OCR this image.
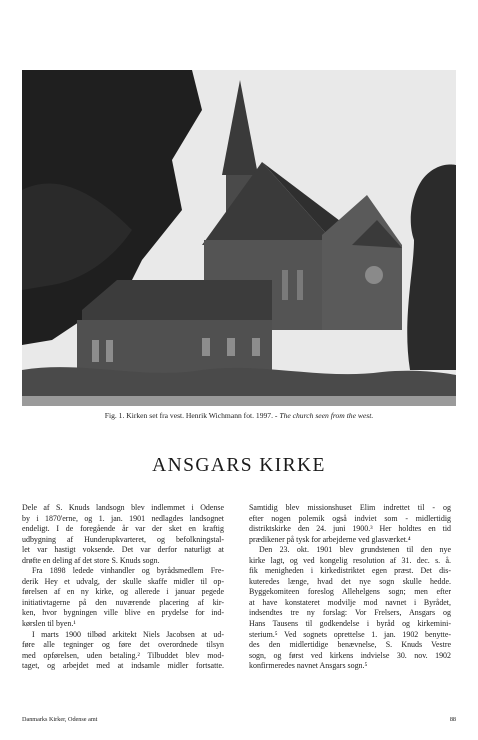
Fig. 1. Kirken set fra vest. Henrik Wichmann fot. 1997. - The church seen from the west.
ANSGARS KIRKE
Dele af S. Knuds landsogn blev indlemmet i Odense
by i 1870'erne, og 1. jan. 1901 nedlagdes landsognet
endeligt. I de foregående år var der sket en kraftig
udbygning af Hunderupkvarteret, og befolkningstal-
let var hastigt voksende. Det var derfor naturligt at
drøfte en deling af det store S. Knuds sogn.
Fra 1898 ledede vinhandler og byrådsmedlem Fre-
derik Hey et udvalg, der skulle skaffe midler til op-
førelsen af en ny kirke, og allerede i januar pegede
initiativtagerne på den nuværende placering af kir-
ken, hvor bygningen ville blive en prydelse for ind-
kørslen til byen.¹
I marts 1900 tilbød arkitekt Niels Jacobsen at ud-
føre alle tegninger og føre det overordnede tilsyn
med opførelsen, uden betaling.² Tilbuddet blev mod-
taget, og arbejdet med at indsamle midler fortsatte.
Samtidig blev missionshuset Elim indrettet til - og
efter nogen polemik også indviet som - midlertidig
distriktskirke den 24. juni 1900.³ Her holdtes en tid
prædikener på tysk for arbejderne ved glasværket.⁴
Den 23. okt. 1901 blev grundstenen til den nye
kirke lagt, og ved kongelig resolution af 31. dec. s. å.
fik menigheden i kirkedistriktet egen præst. Det dis-
kuteredes længe, hvad det nye sogn skulle hedde.
Byggekomiteen foreslog Allehelgens sogn; men efter
at have konstateret modvilje mod navnet i Byrådet,
indsendtes tre ny forslag: Vor Frelsers, Ansgars og
Hans Tausens til godkendelse i byråd og kirkemini-
sterium.⁵ Ved sognets oprettelse 1. jan. 1902 benytte-
des den midlertidige benævnelse, S. Knuds Vestre
sogn, og først ved kirkens indvielse 30. nov. 1902
konfirmeredes navnet Ansgars sogn.⁵
Danmarks Kirker, Odense amt	88
